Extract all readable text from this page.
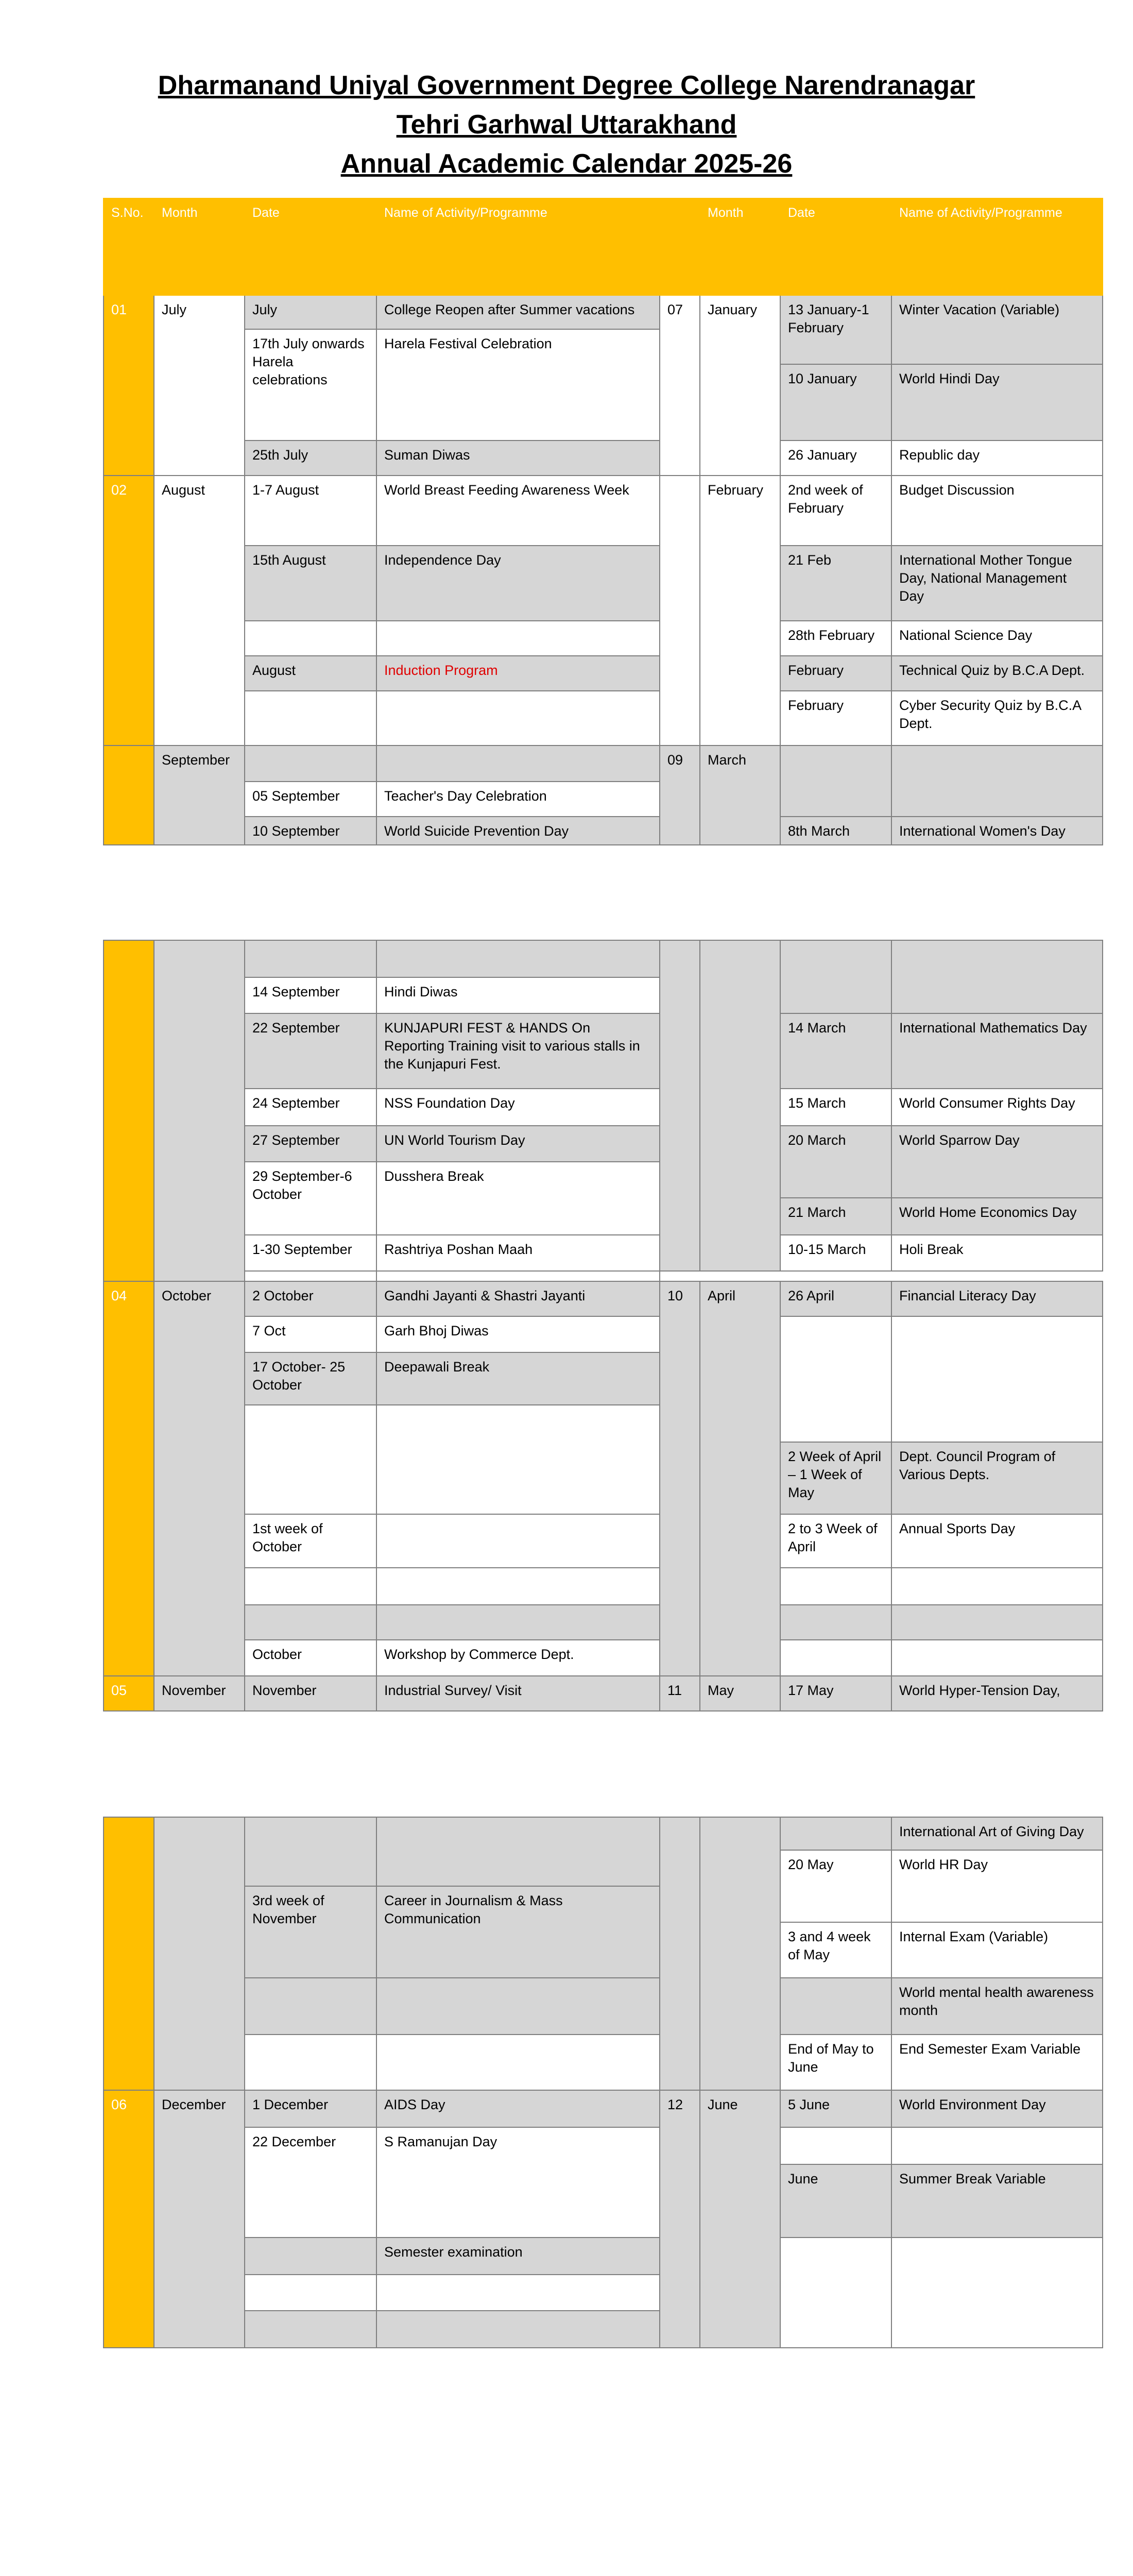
Dharmanand Uniyal Government Degree College Narendranagar
Tehri Garhwal Uttarakhand
Annual Academic Calendar 2025-26
S.No.	Month	Date	Name of Activity/Programme		Month	Date	Name of Activity/Programme
01	July	July	College Reopen after Summer vacations	07	January	13 January-1 February	Winter Vacation (Variable)
		17th July onwards Harela celebrations	Harela Festival Celebration				
						10 January	World Hindi Day
		25th July	Suman Diwas			26 January	Republic day
02	August	1-7 August	World Breast Feeding Awareness Week		February	2nd week of February	Budget Discussion
		15th August	Independence Day			21 Feb	International Mother Tongue Day, National Management Day
						28th February	National Science Day
		August	Induction Program			February	Technical Quiz by B.C.A Dept.
						February	Cyber Security Quiz by B.C.A Dept.
	September			09	March		
		05 September	Teacher's Day Celebration				
		10 September	World Suicide Prevention Day			8th March	International Women's Day

		14 September	Hindi Diwas				
		22 September	KUNJAPURI FEST & HANDS On Reporting Training visit to various stalls in the Kunjapuri Fest.			14 March	International Mathematics Day
		24 September	NSS Foundation Day			15 March	World Consumer Rights Day
		27 September	UN World Tourism Day			20 March	World Sparrow Day
		29 September-6 October	Dusshera Break				
						21 March	World Home Economics Day
		1-30 September	Rashtriya Poshan Maah			10-15 March	Holi Break

04	October	2 October	Gandhi Jayanti & Shastri Jayanti	10	April	26 April	Financial Literacy Day
		7 Oct	Garh Bhoj Diwas				
		17 October- 25 October	Deepawali Break				

						2 Week of April – 1 Week of May	Dept. Council Program of Various Depts.
		1st week of October				2 to 3 Week of April	Annual Sports Day

		October	Workshop by Commerce Dept.				
05	November	November	Industrial Survey/ Visit	11	May	17 May	World Hyper-Tension Day,
							International Art of Giving Day
						20 May	World HR Day
		3rd week of November	Career in Journalism & Mass Communication				
						3 and 4 week of May	Internal Exam (Variable)
							World mental health awareness month
						End of May to June	End Semester Exam Variable
06	December	1 December	AIDS Day	12	June	5 June	World Environment Day
		22 December	S Ramanujan Day				
						June	Summer Break Variable
			Semester examination				
